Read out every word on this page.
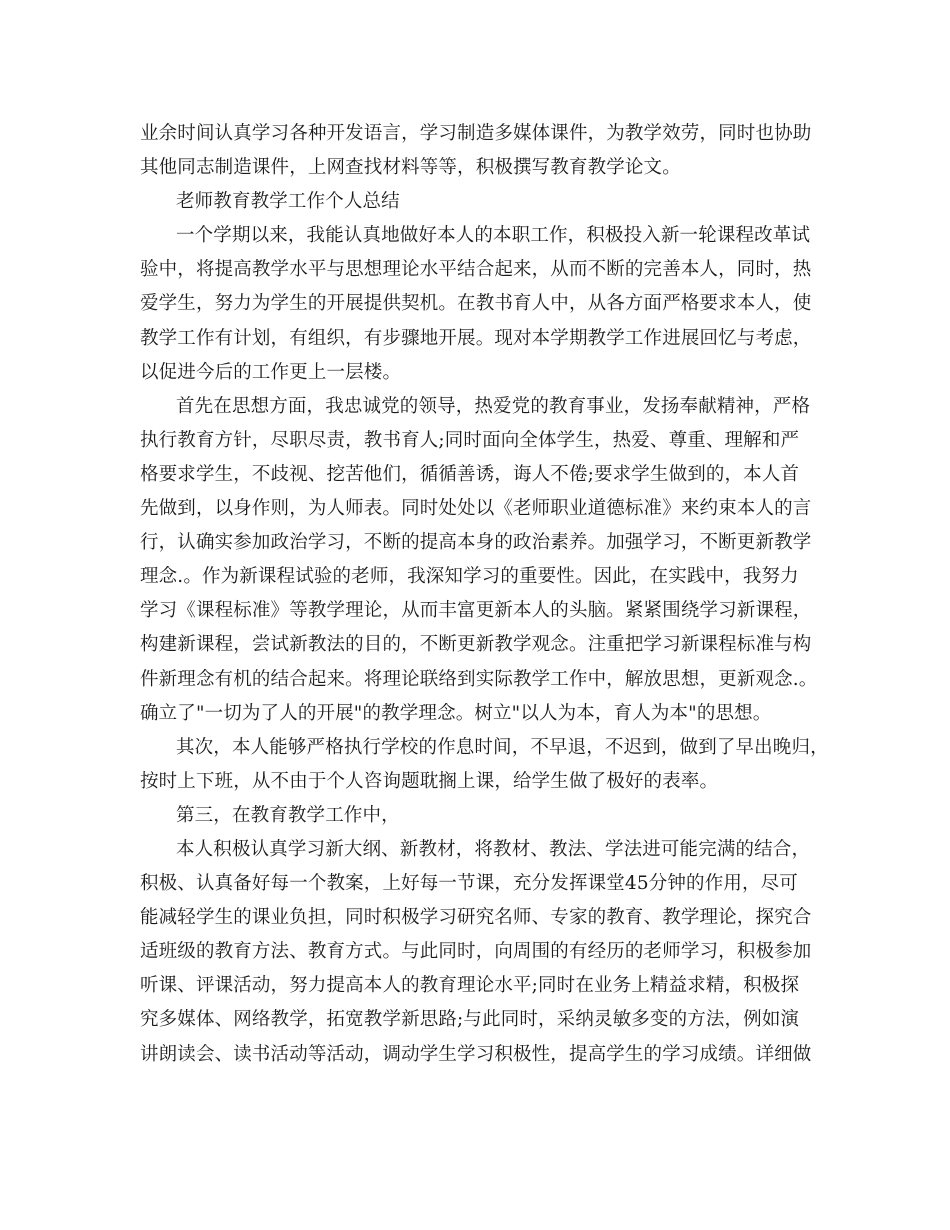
业余时间认真学习各种开发语言，学习制造多媒体课件，为教学效劳，同时也协助
其他同志制造课件，上网查找材料等等，积极撰写教育教学论文。
老师教育教学工作个人总结
一个学期以来，我能认真地做好本人的本职工作，积极投入新一轮课程改革试
验中，将提高教学水平与思想理论水平结合起来，从而不断的完善本人，同时，热
爱学生，努力为学生的开展提供契机。在教书育人中，从各方面严格要求本人，使
教学工作有计划，有组织，有步骤地开展。现对本学期教学工作进展回忆与考虑，
以促进今后的工作更上一层楼。
首先在思想方面，我忠诚党的领导，热爱党的教育事业，发扬奉献精神，严格
执行教育方针，尽职尽责，教书育人;同时面向全体学生，热爱、尊重、理解和严
格要求学生，不歧视、挖苦他们，循循善诱，诲人不倦;要求学生做到的，本人首
先做到，以身作则，为人师表。同时处处以《老师职业道德标准》来约束本人的言
行，认确实参加政治学习，不断的提高本身的政治素养。加强学习，不断更新教学
理念.。作为新课程试验的老师，我深知学习的重要性。因此，在实践中，我努力
学习《课程标准》等教学理论，从而丰富更新本人的头脑。紧紧围绕学习新课程，
构建新课程，尝试新教法的目的，不断更新教学观念。注重把学习新课程标准与构
件新理念有机的结合起来。将理论联络到实际教学工作中，解放思想，更新观念.。
确立了"一切为了人的开展"的教学理念。树立"以人为本，育人为本"的思想。
其次，本人能够严格执行学校的作息时间，不早退，不迟到，做到了早出晚归，
按时上下班，从不由于个人咨询题耽搁上课，给学生做了极好的表率。
第三，在教育教学工作中，
本人积极认真学习新大纲、新教材，将教材、教法、学法进可能完满的结合，
积极、认真备好每一个教案，上好每一节课，充分发挥课堂45分钟的作用，尽可
能减轻学生的课业负担，同时积极学习研究名师、专家的教育、教学理论，探究合
适班级的教育方法、教育方式。与此同时，向周围的有经历的老师学习，积极参加
听课、评课活动，努力提高本人的教育理论水平;同时在业务上精益求精，积极探
究多媒体、网络教学，拓宽教学新思路;与此同时，采纳灵敏多变的方法，例如演
讲朗读会、读书活动等活动，调动学生学习积极性，提高学生的学习成绩。详细做
